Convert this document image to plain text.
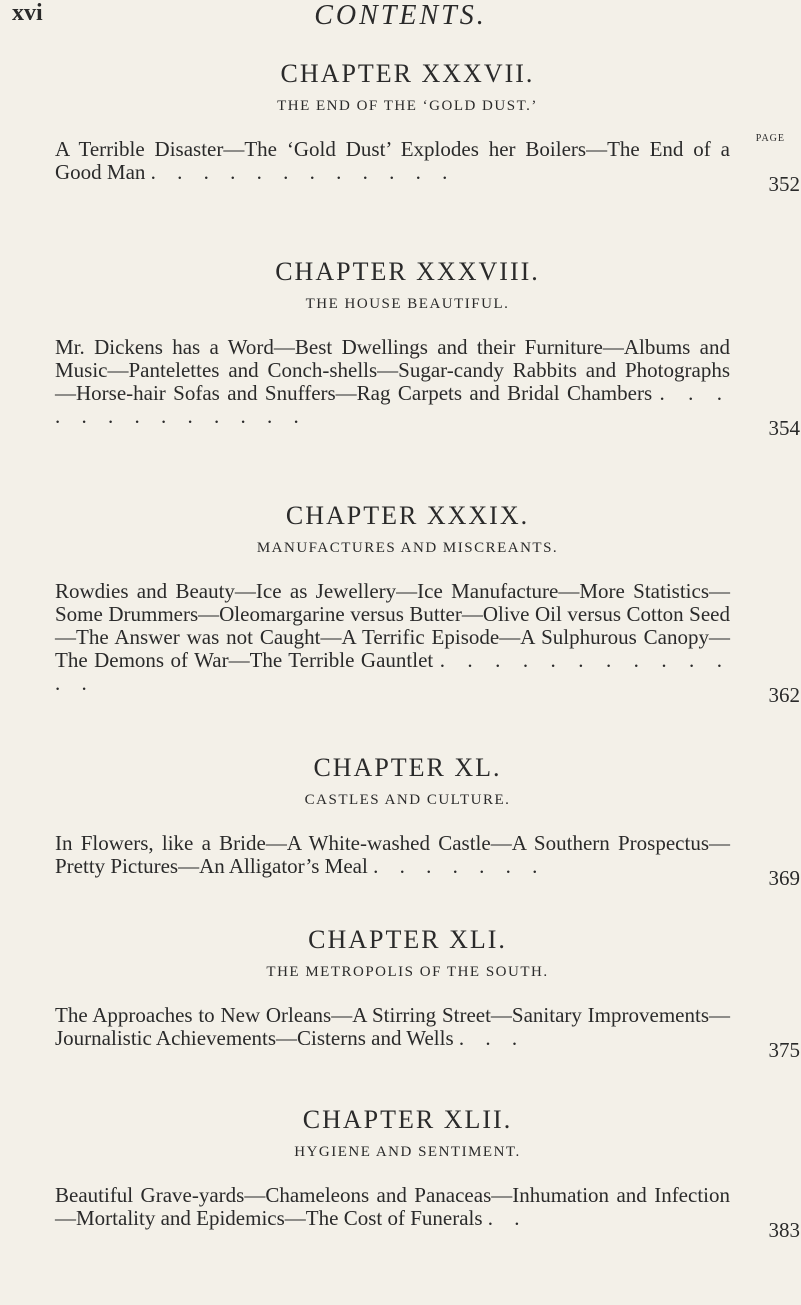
xvi	CONTENTS.
CHAPTER XXXVII.
THE END OF THE ‘GOLD DUST.’
A Terrible Disaster—The ‘Gold Dust’ Explodes her Boilers—The End of a Good Man . . . . . . . . . . . .	352
PAGE
CHAPTER XXXVIII.
THE HOUSE BEAUTIFUL.
Mr. Dickens has a Word—Best Dwellings and their Furniture—Albums and Music—Pantelettes and Conch-shells—Sugar-candy Rabbits and Photographs—Horse-hair Sofas and Snuffers—Rag Carpets and Bridal Chambers . . . . . . . . . . . . .	354
CHAPTER XXXIX.
MANUFACTURES AND MISCREANTS.
Rowdies and Beauty—Ice as Jewellery—Ice Manufacture—More Statistics—Some Drummers—Oleomargarine versus Butter—Olive Oil versus Cotton Seed—The Answer was not Caught—A Terrific Episode—A Sulphurous Canopy—The Demons of War—The Terrible Gauntlet . . . . . . . . . . . . .	362
CHAPTER XL.
CASTLES AND CULTURE.
In Flowers, like a Bride—A White-washed Castle—A Southern Prospectus—Pretty Pictures—An Alligator’s Meal . . . . . . .	369
CHAPTER XLI.
THE METROPOLIS OF THE SOUTH.
The Approaches to New Orleans—A Stirring Street—Sanitary Improvements—Journalistic Achievements—Cisterns and Wells . . .	375
CHAPTER XLII.
HYGIENE AND SENTIMENT.
Beautiful Grave-yards—Chameleons and Panaceas—Inhumation and Infection—Mortality and Epidemics—The Cost of Funerals . .	383
